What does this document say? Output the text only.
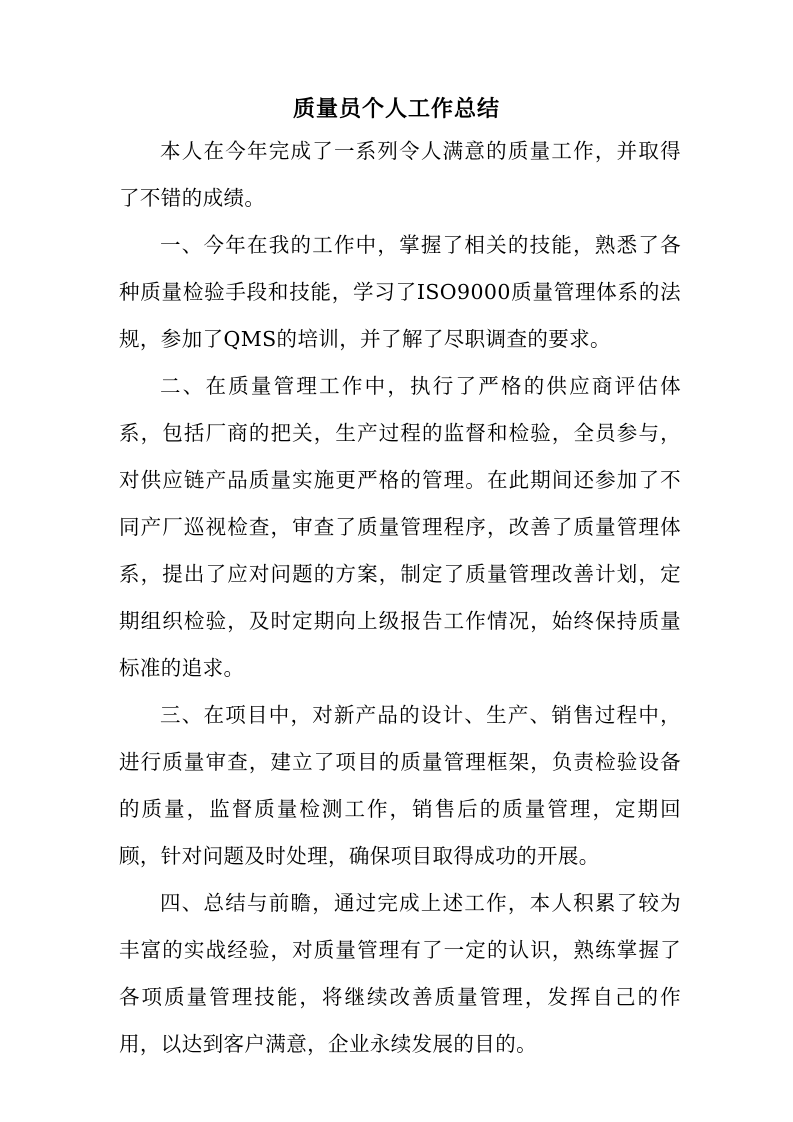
质量员个人工作总结

本人在今年完成了一系列令人满意的质量工作，并取得了不错的成绩。

一、今年在我的工作中，掌握了相关的技能，熟悉了各种质量检验手段和技能，学习了ISO9000质量管理体系的法规，参加了QMS的培训，并了解了尽职调查的要求。

二、在质量管理工作中，执行了严格的供应商评估体系，包括厂商的把关，生产过程的监督和检验，全员参与，对供应链产品质量实施更严格的管理。在此期间还参加了不同产厂巡视检查，审查了质量管理程序，改善了质量管理体系，提出了应对问题的方案，制定了质量管理改善计划，定期组织检验，及时定期向上级报告工作情况，始终保持质量标准的追求。

三、在项目中，对新产品的设计、生产、销售过程中，进行质量审查，建立了项目的质量管理框架，负责检验设备的质量，监督质量检测工作，销售后的质量管理，定期回顾，针对问题及时处理，确保项目取得成功的开展。

四、总结与前瞻，通过完成上述工作，本人积累了较为丰富的实战经验，对质量管理有了一定的认识，熟练掌握了各项质量管理技能，将继续改善质量管理，发挥自己的作用，以达到客户满意，企业永续发展的目的。
